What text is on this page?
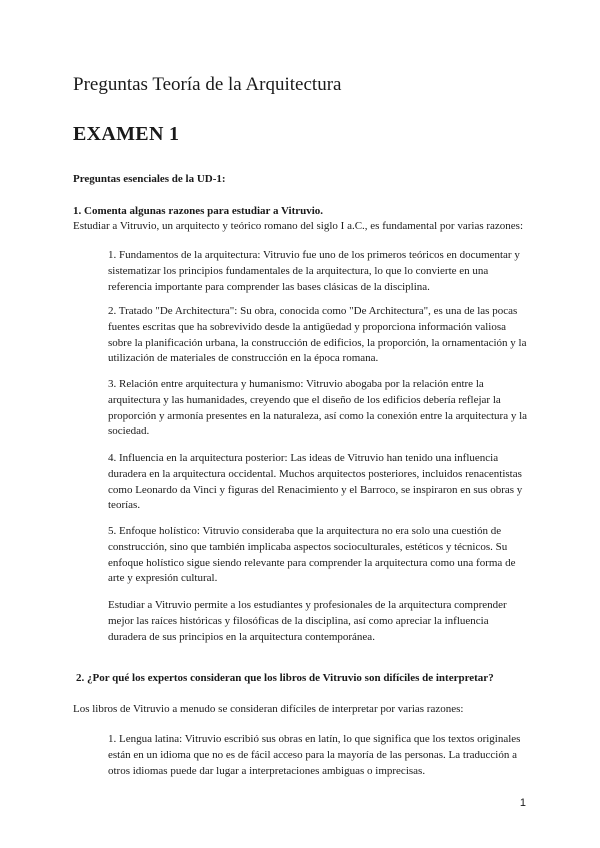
Preguntas Teoría de la Arquitectura
EXAMEN 1

Preguntas esenciales de la UD-1:

1. Comenta algunas razones para estudiar a Vitruvio.

Estudiar a Vitruvio, un arquitecto y teórico romano del siglo I a.C., es fundamental por varias razones:

1. Fundamentos de la arquitectura: Vitruvio fue uno de los primeros teóricos en documentar y sistematizar los principios fundamentales de la arquitectura, lo que lo convierte en una referencia importante para comprender las bases clásicas de la disciplina.

2. Tratado "De Architectura": Su obra, conocida como "De Architectura", es una de las pocas fuentes escritas que ha sobrevivido desde la antigüedad y proporciona información valiosa sobre la planificación urbana, la construcción de edificios, la proporción, la ornamentación y la utilización de materiales de construcción en la época romana.

3. Relación entre arquitectura y humanismo: Vitruvio abogaba por la relación entre la arquitectura y las humanidades, creyendo que el diseño de los edificios debería reflejar la proporción y armonía presentes en la naturaleza, así como la conexión entre la arquitectura y la sociedad.

4. Influencia en la arquitectura posterior: Las ideas de Vitruvio han tenido una influencia duradera en la arquitectura occidental. Muchos arquitectos posteriores, incluidos renacentistas como Leonardo da Vinci y figuras del Renacimiento y el Barroco, se inspiraron en sus obras y teorías.

5. Enfoque holístico: Vitruvio consideraba que la arquitectura no era solo una cuestión de construcción, sino que también implicaba aspectos socioculturales, estéticos y técnicos. Su enfoque holístico sigue siendo relevante para comprender la arquitectura como una forma de arte y expresión cultural.

Estudiar a Vitruvio permite a los estudiantes y profesionales de la arquitectura comprender mejor las raíces históricas y filosóficas de la disciplina, así como apreciar la influencia duradera de sus principios en la arquitectura contemporánea.

2. ¿Por qué los expertos consideran que los libros de Vitruvio son difíciles de interpretar?

Los libros de Vitruvio a menudo se consideran difíciles de interpretar por varias razones:

1. Lengua latina: Vitruvio escribió sus obras en latín, lo que significa que los textos originales están en un idioma que no es de fácil acceso para la mayoría de las personas. La traducción a otros idiomas puede dar lugar a interpretaciones ambiguas o imprecisas.

1
